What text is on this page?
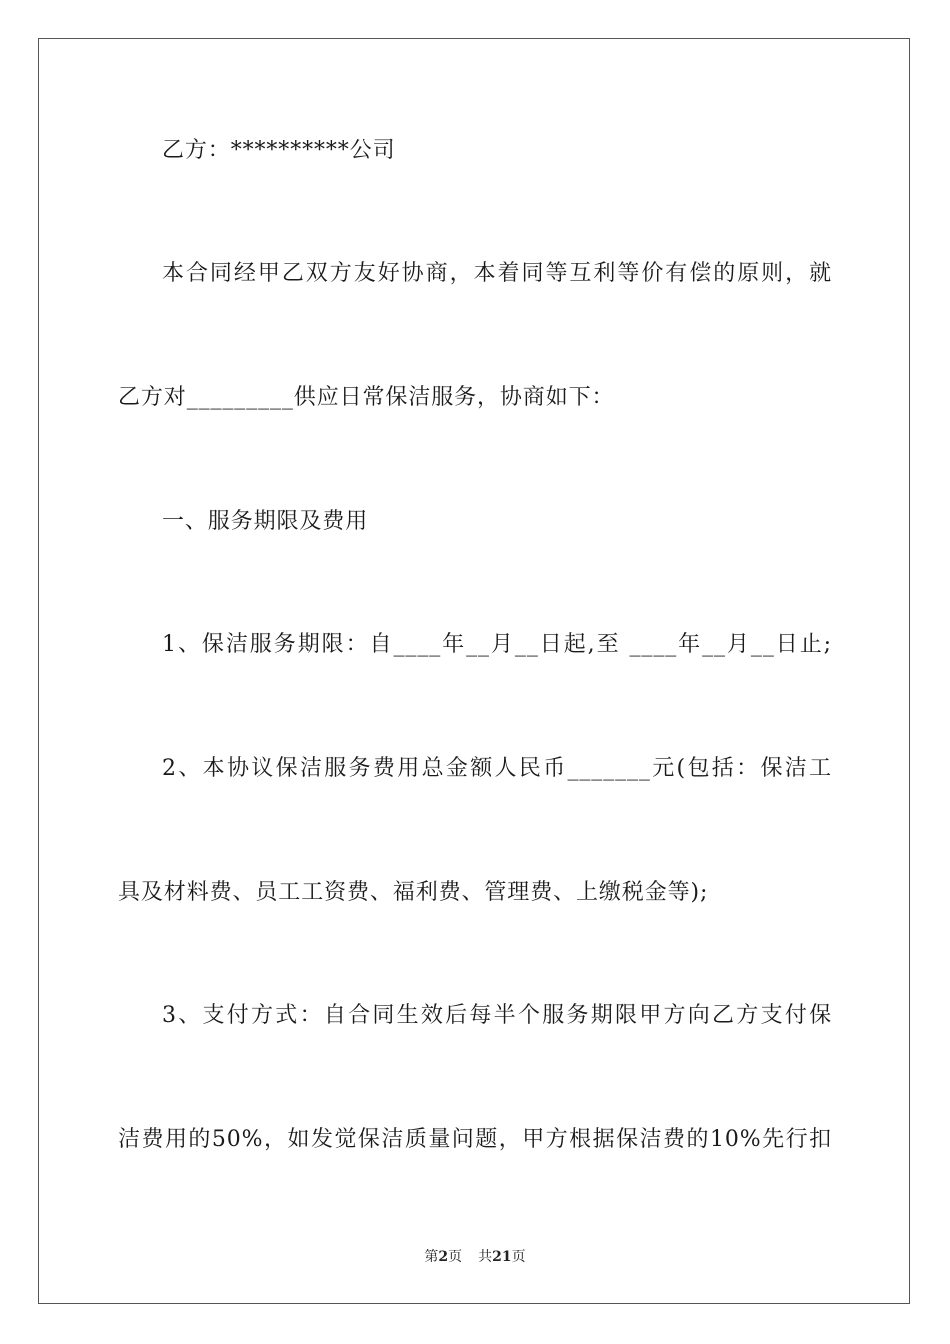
乙方：**********公司
本合同经甲乙双方友好协商，本着同等互利等价有偿的原则，就
乙方对_________供应日常保洁服务，协商如下：
一、服务期限及费用
1、保洁服务期限：自____年__月__日起,至 ____年__月__日止;
2、本协议保洁服务费用总金额人民币_______元(包括：保洁工
具及材料费、员工工资费、福利费、管理费、上缴税金等);
3、支付方式：自合同生效后每半个服务期限甲方向乙方支付保
洁费用的50%，如发觉保洁质量问题，甲方根据保洁费的10%先行扣
第2页 共21页
